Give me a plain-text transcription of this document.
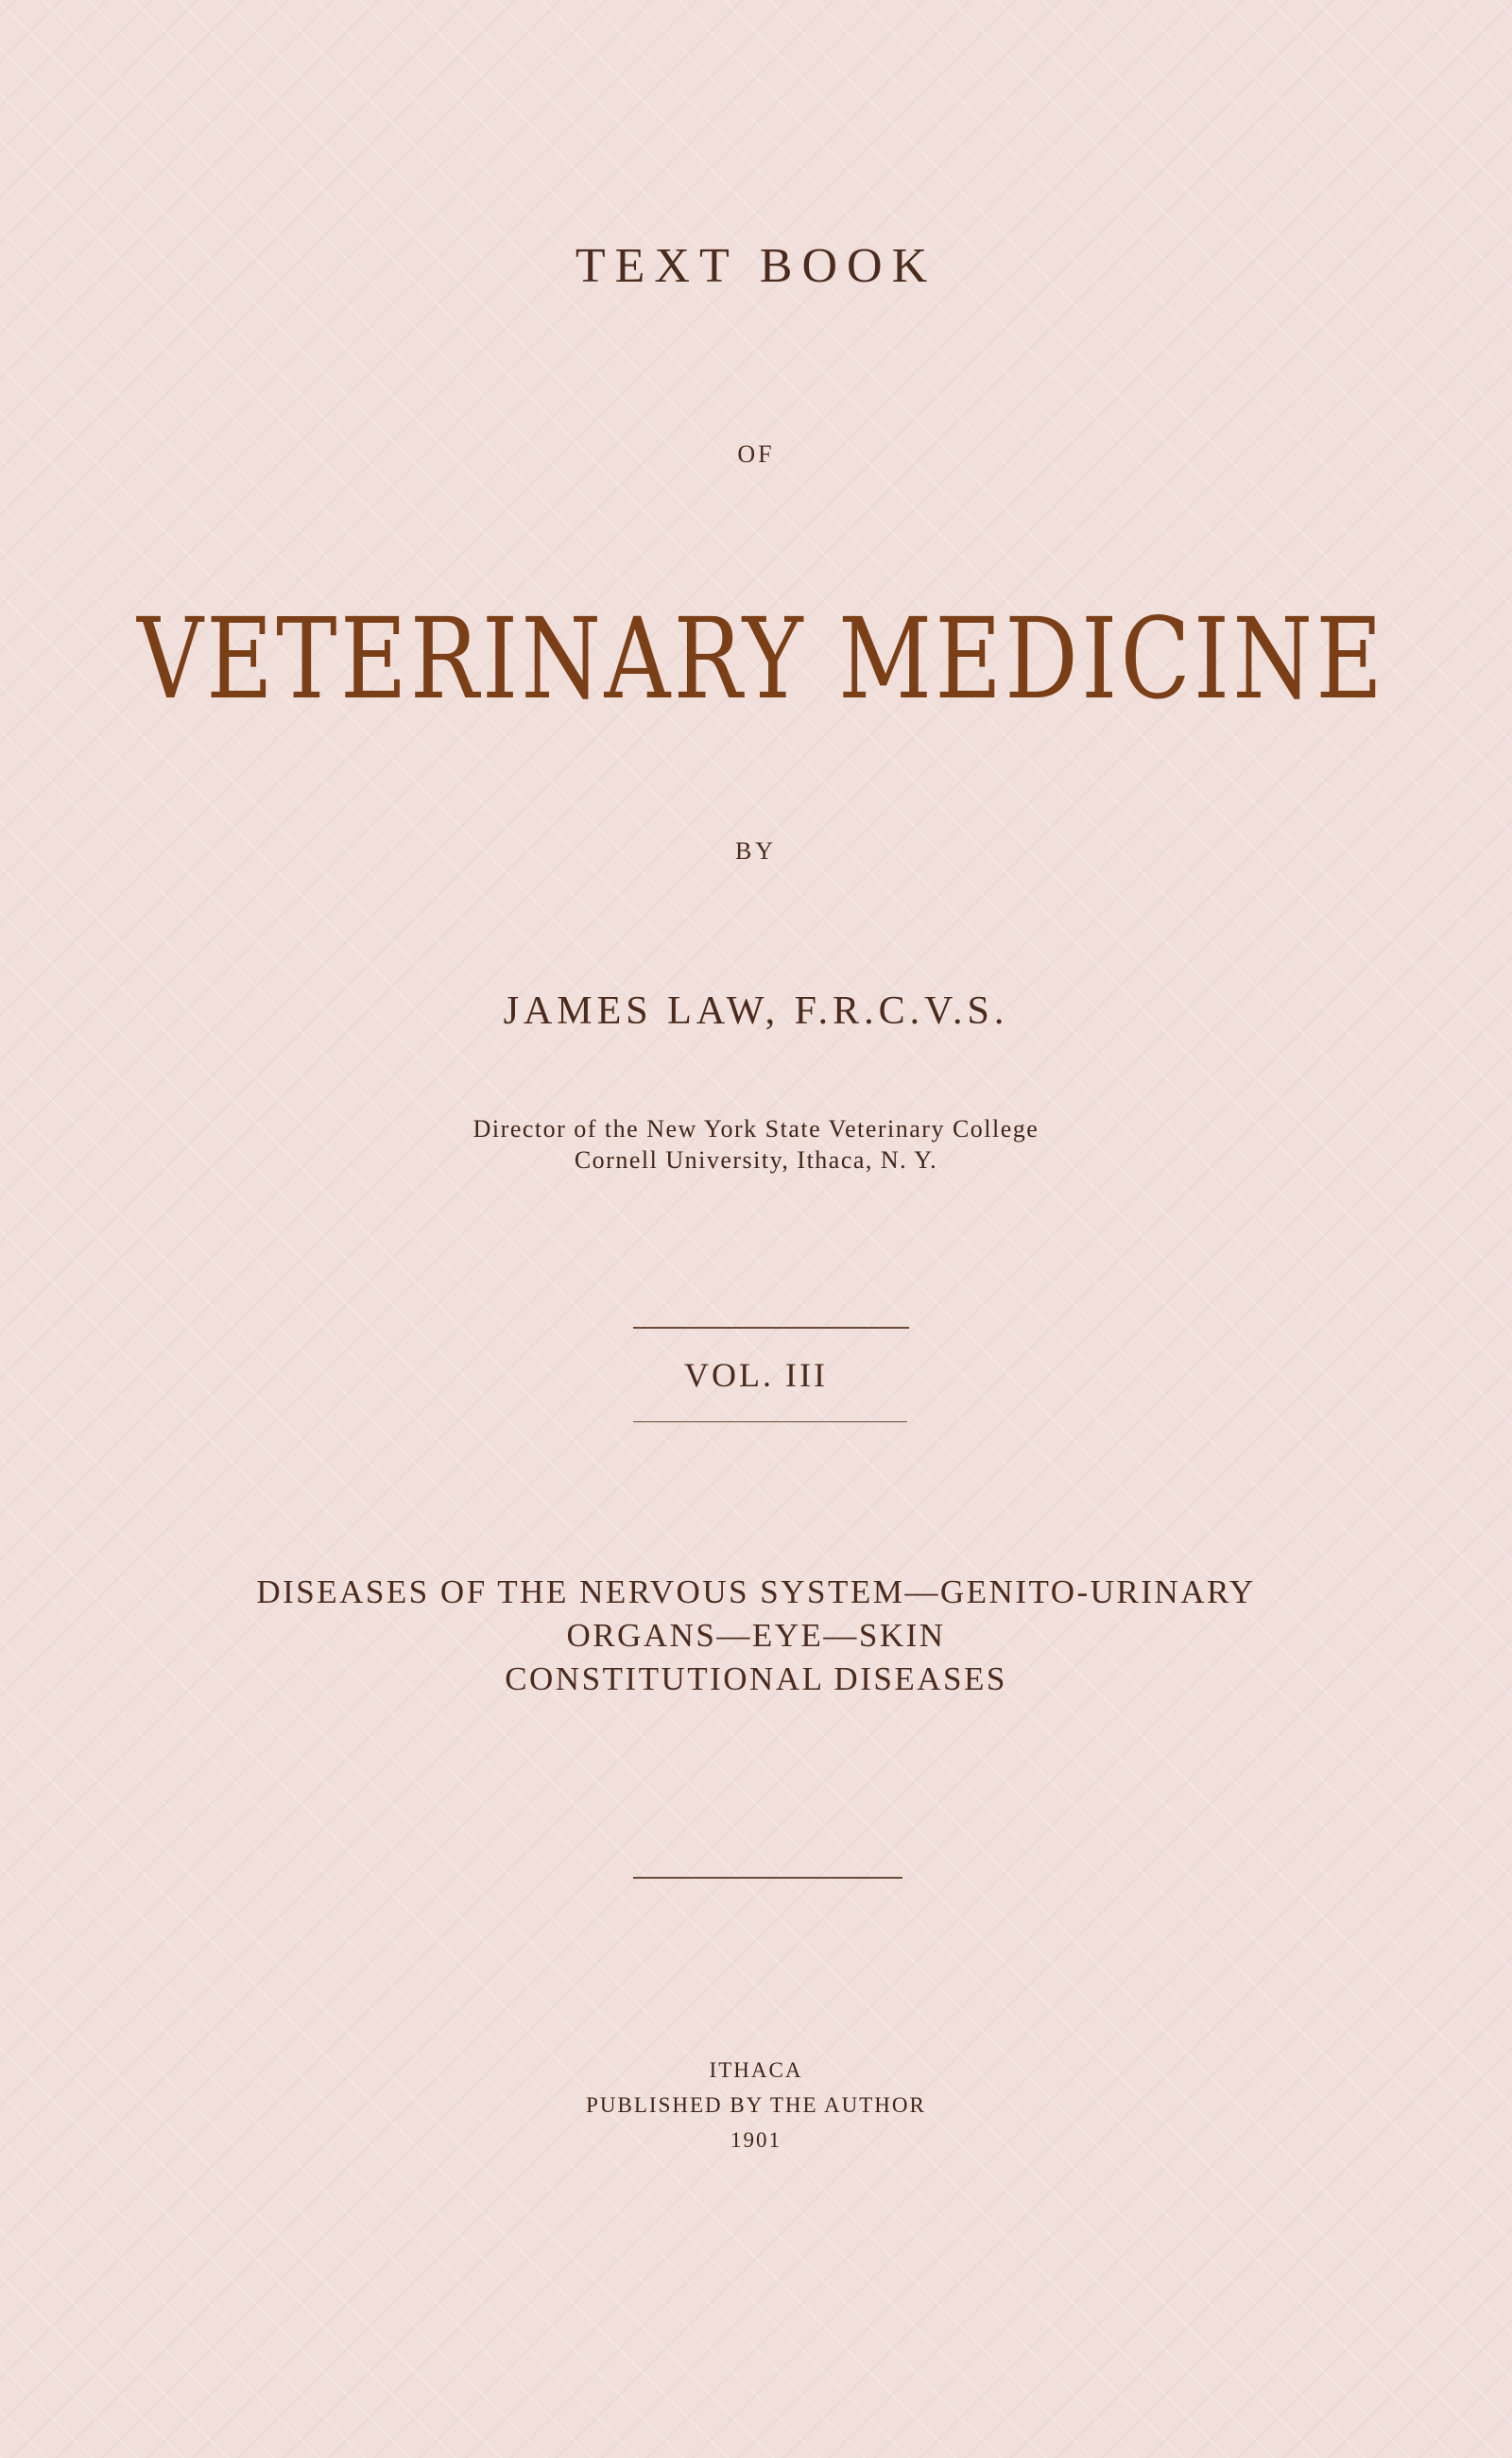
TEXT BOOK
OF
VETERINARY MEDICINE
BY
JAMES LAW, F.R.C.V.S.
Director of the New York State Veterinary College
Cornell University, Ithaca, N. Y.
VOL. III
DISEASES OF THE NERVOUS SYSTEM—GENITO-URINARY
ORGANS—EYE—SKIN
CONSTITUTIONAL DISEASES
ITHACA
PUBLISHED BY THE AUTHOR
1901
